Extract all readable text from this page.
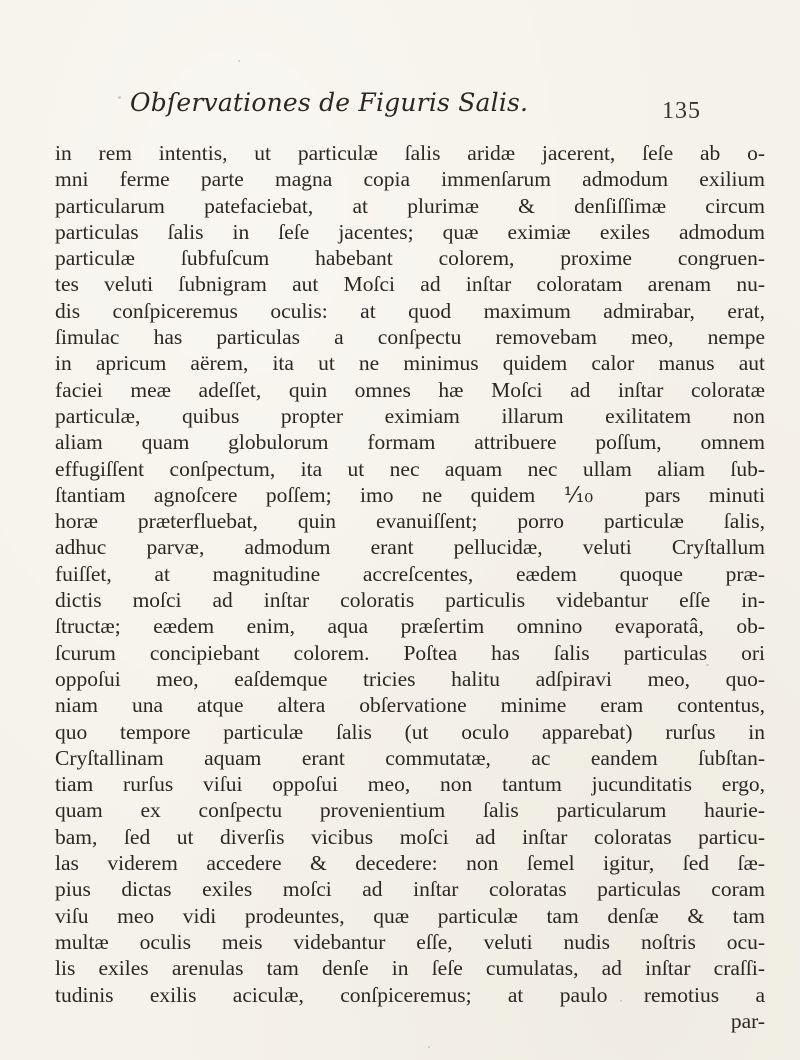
Obſervationes de Figuris Salis.	135
in rem intentis, ut particulæ ſalis aridæ jacerent, ſeſe ab o-
mni ferme parte magna copia immenſarum admodum exilium
particularum patefaciebat, at plurimæ & denſiſſimæ circum
particulas ſalis in ſeſe jacentes; quæ eximiæ exiles admodum
particulæ ſubfuſcum habebant colorem, proxime congruen-
tes veluti ſubnigram aut Moſci ad inſtar coloratam arenam nu-
dis conſpiceremus oculis: at quod maximum admirabar, erat,
ſimulac has particulas a conſpectu removebam meo, nempe
in apricum aërem, ita ut ne minimus quidem calor manus aut
faciei meæ adeſſet, quin omnes hæ Moſci ad inſtar coloratæ
particulæ, quibus propter eximiam illarum exilitatem non
aliam quam globulorum formam attribuere poſſum, omnem
effugiſſent conſpectum, ita ut nec aquam nec ullam aliam ſub-
ſtantiam agnoſcere poſſem; imo ne quidem ⅒ pars minuti
horæ præterfluebat, quin evanuiſſent; porro particulæ ſalis,
adhuc parvæ, admodum erant pellucidæ, veluti Cryſtallum
fuiſſet, at magnitudine accreſcentes, eædem quoque præ-
dictis moſci ad inſtar coloratis particulis videbantur eſſe in-
ſtructæ; eædem enim, aqua præſertim omnino evaporatâ, ob-
ſcurum concipiebant colorem. Poſtea has ſalis particulas ori
oppoſui meo, eaſdemque tricies halitu adſpiravi meo, quo-
niam una atque altera obſervatione minime eram contentus,
quo tempore particulæ ſalis (ut oculo apparebat) rurſus in
Cryſtallinam aquam erant commutatæ, ac eandem ſubſtan-
tiam rurſus viſui oppoſui meo, non tantum jucunditatis ergo,
quam ex conſpectu provenientium ſalis particularum haurie-
bam, ſed ut diverſis vicibus moſci ad inſtar coloratas particu-
las viderem accedere & decedere: non ſemel igitur, ſed ſæ-
pius dictas exiles moſci ad inſtar coloratas particulas coram
viſu meo vidi prodeuntes, quæ particulæ tam denſæ & tam
multæ oculis meis videbantur eſſe, veluti nudis noſtris ocu-
lis exiles arenulas tam denſe in ſeſe cumulatas, ad inſtar craſſi-
tudinis exilis aciculæ, conſpiceremus; at paulo remotius a
par-
